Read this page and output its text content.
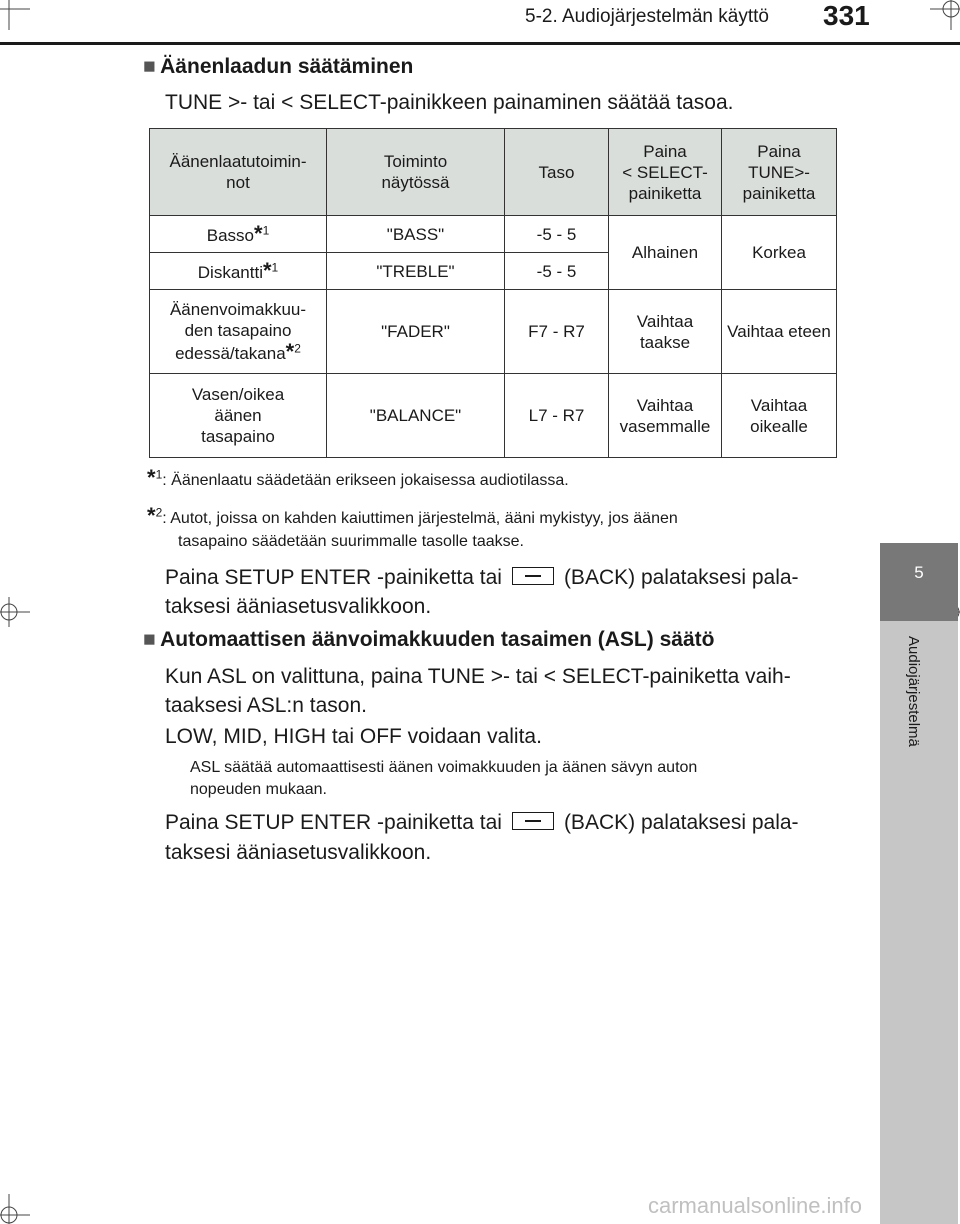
5-2. Audiojärjestelmän käyttö 331
5
Audiojärjestelmä
■ Äänenlaadun säätäminen
TUNE >- tai < SELECT-painikkeen painaminen säätää tasoa.
Äänenlaatutoimin-
not	Toiminto
näytössä	Taso	Paina
< SELECT-
painiketta	Paina
TUNE>-
painiketta
Basso*$^1$	"BASS"	-5 - 5	Alhainen	Korkea
Diskantti*$^1$	"TREBLE"	-5 - 5		
Äänenvoimakkuu-
den tasapaino
edessä/takana*$^2$	"FADER"	F7 - R7	Vaihtaa
taakse	Vaihtaa eteen
Vasen/oikea
äänen
tasapaino	"BALANCE"	L7 - R7	Vaihtaa
vasemmalle	Vaihtaa
oikealle
*$^1$: Äänenlaatu säädetään erikseen jokaisessa audiotilassa.
*$^2$: Autot, joissa on kahden kaiuttimen järjestelmä, ääni mykistyy, jos äänen
tasapaino säädetään suurimmalle tasolle taakse.
Paina SETUP ENTER -painiketta tai	(BACK) palataksesi pala-
taksesi ääniasetusvalikkoon.
■ Automaattisen äänvoimakkuuden tasaimen (ASL) säätö
Kun ASL on valittuna, paina TUNE >- tai < SELECT-painiketta vaih-
taaksesi ASL:n tason.
LOW, MID, HIGH tai OFF voidaan valita.
ASL säätää automaattisesti äänen voimakkuuden ja äänen sävyn auton
nopeuden mukaan.
Paina SETUP ENTER -painiketta tai	(BACK) palataksesi pala-
taksesi ääniasetusvalikkoon.
carmanualsonline.info
